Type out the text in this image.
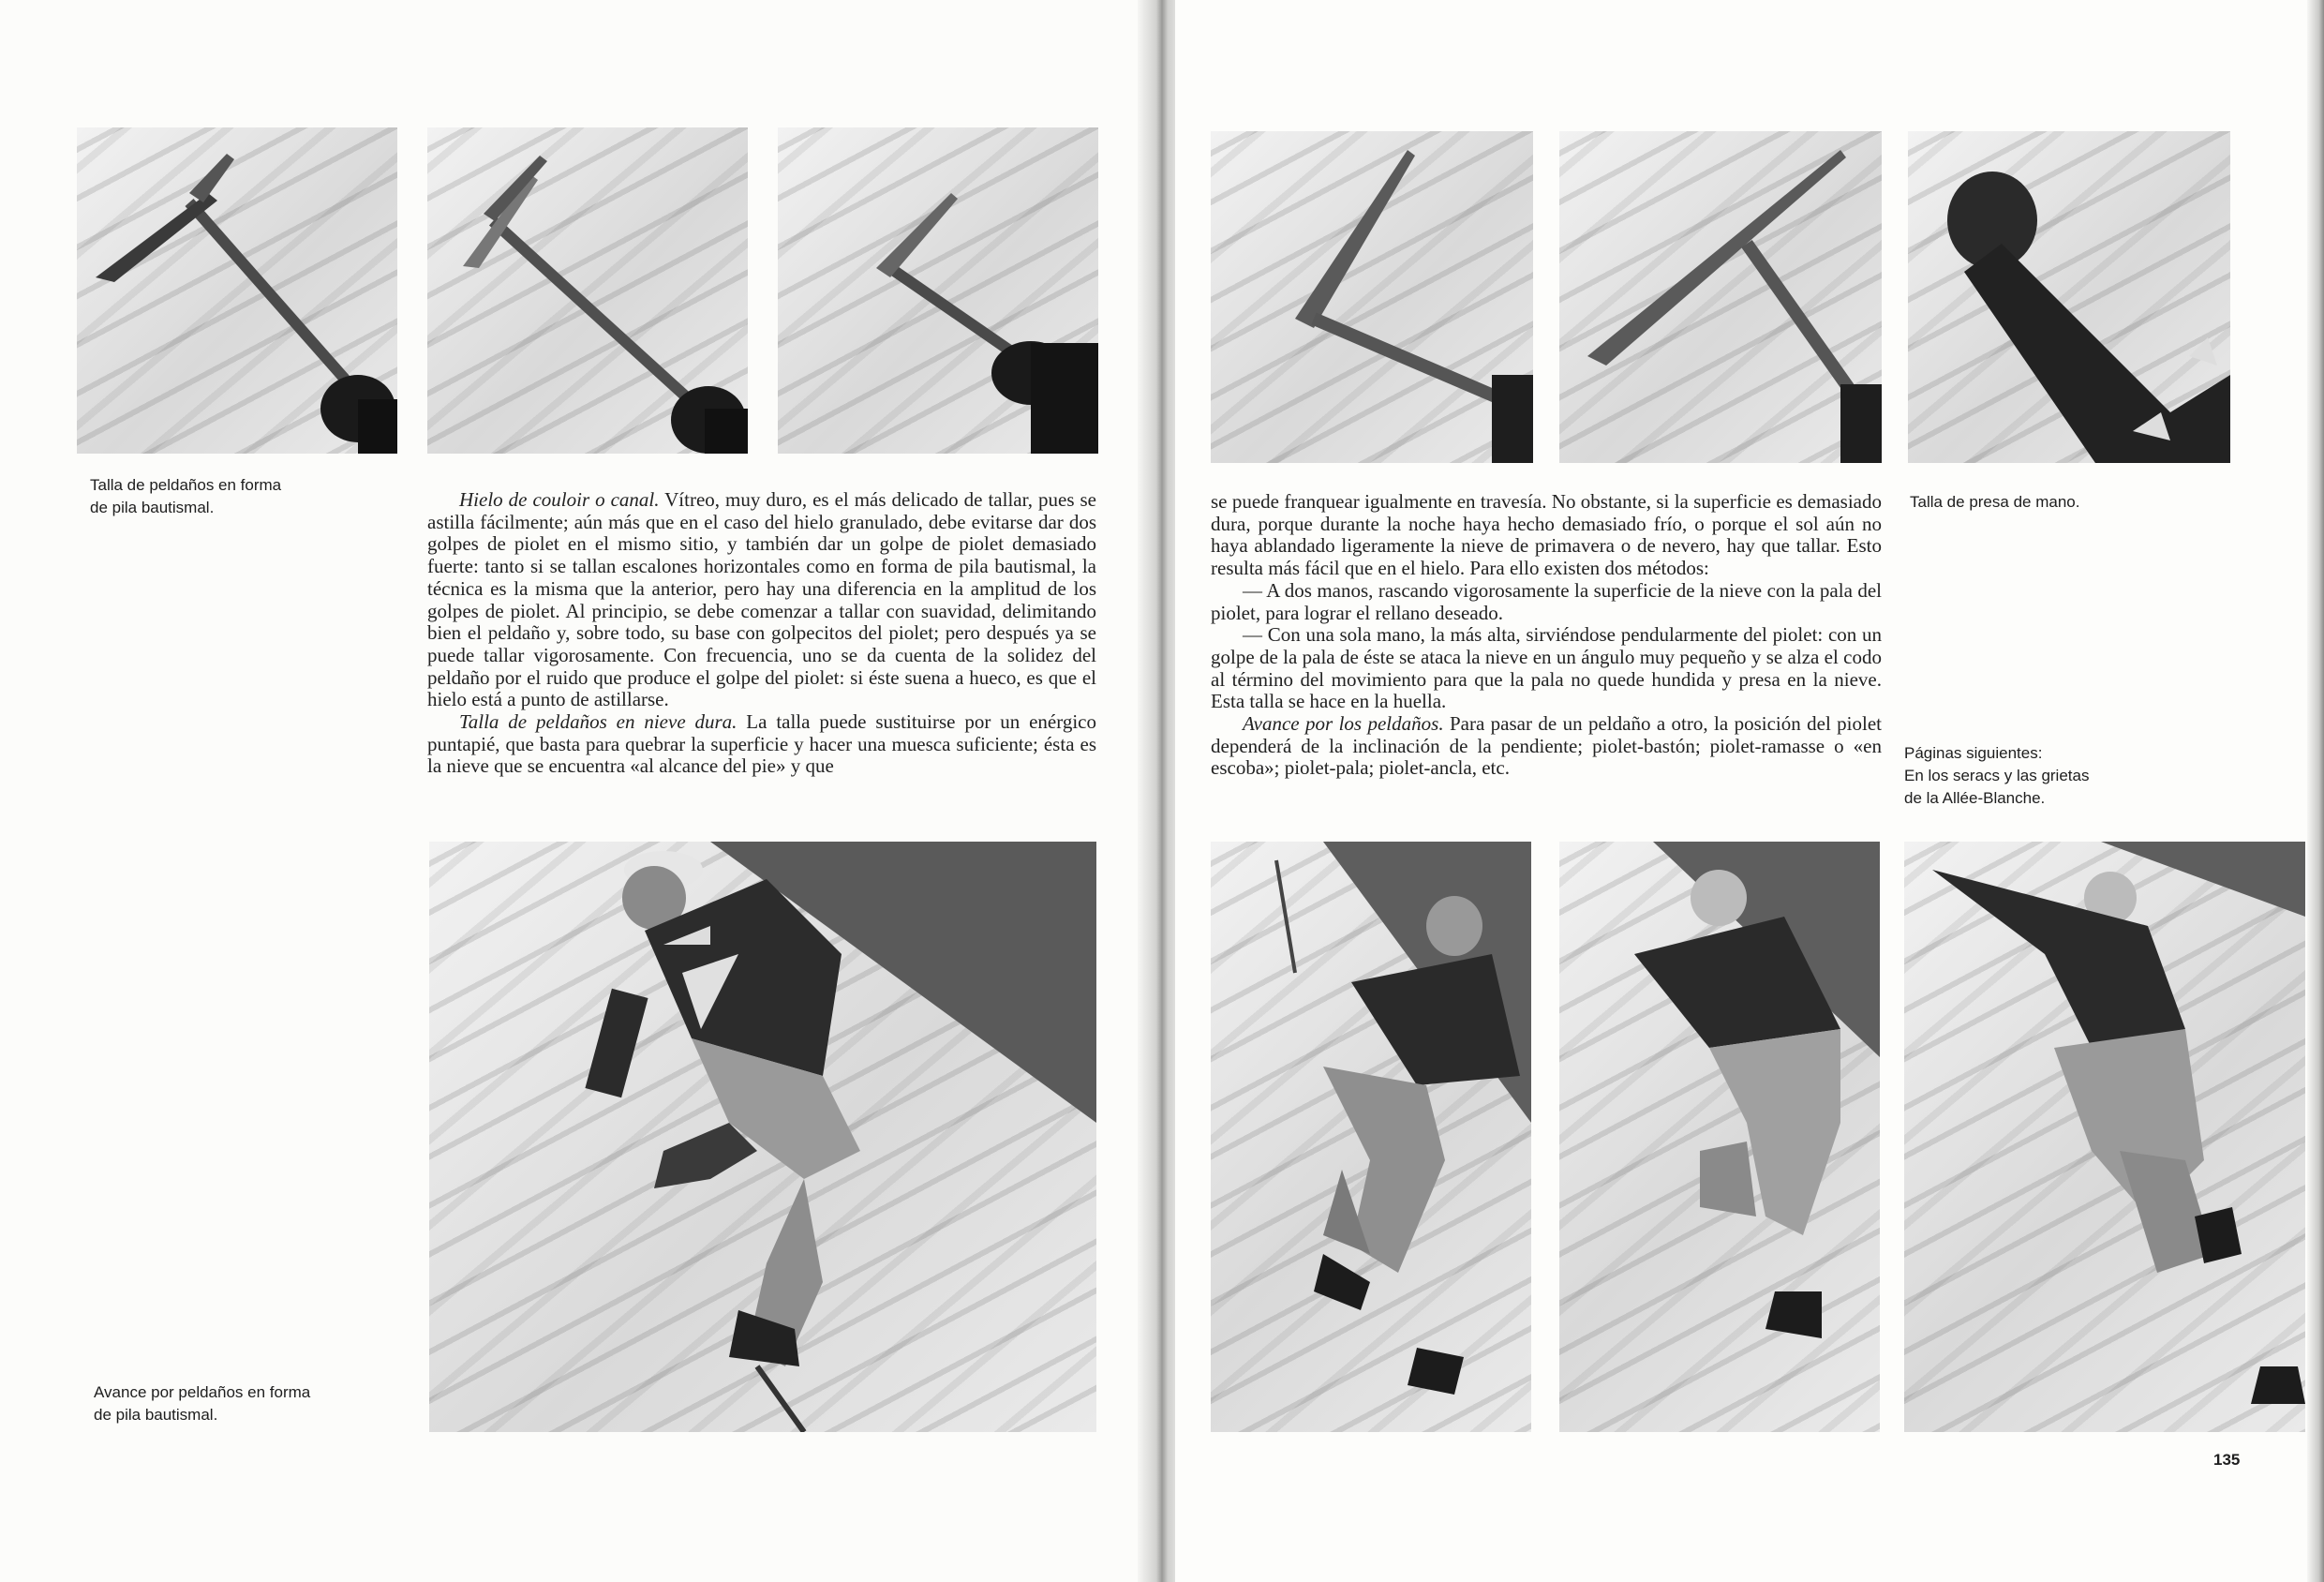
Talla de peldaños en forma
de pila bautismal.	Hielo de couloir o canal. Vítreo, muy duro, es el más delicado de tallar, pues se astilla fácilmente; aún más que en el caso del hielo granulado, debe evitarse dar dos golpes de piolet en el mismo sitio, y también dar un golpe de piolet demasiado fuerte: tanto si se tallan escalones horizontales como en forma de pila bautismal, la técnica es la misma que la anterior, pero hay una diferencia en la amplitud de los golpes de piolet. Al principio, se debe comenzar a tallar con suavidad, delimitando bien el peldaño y, sobre todo, su base con golpecitos del piolet; pero después ya se puede tallar vigorosamente. Con frecuencia, uno se da cuenta de la solidez del peldaño por el ruido que produce el golpe del piolet: si éste suena a hueco, es que el hielo está a punto de astillarse.

Talla de peldaños en nieve dura. La talla puede sustituirse por un enérgico puntapié, que basta para quebrar la superficie y hacer una muesca suficiente; ésta es la nieve que se encuentra «al alcance del pie» y que

Avance por peldaños en forma
de pila bautismal.
Talla de presa de mano.

se puede franquear igualmente en travesía. No obstante, si la superficie es demasiado dura, porque durante la noche haya hecho demasiado frío, o porque el sol aún no haya ablandado ligeramente la nieve de primavera o de nevero, hay que tallar. Esto resulta más fácil que en el hielo. Para ello existen dos métodos:

— A dos manos, rascando vigorosamente la superficie de la nieve con la pala del piolet, para lograr el rellano deseado.

— Con una sola mano, la más alta, sirviéndose pendularmente del piolet: con un golpe de la pala de éste se ataca la nieve en un ángulo muy pequeño y se alza el codo al término del movimiento para que la pala no quede hundida y presa en la nieve. Esta talla se hace en la huella.

Avance por los peldaños. Para pasar de un peldaño a otro, la posición del piolet dependerá de la inclinación de la pendiente; piolet-bastón; piolet-ramasse o «en escoba»; piolet-pala; piolet-ancla, etc.

Páginas siguientes:
En los seracs y las grietas
de la Allée-Blanche.
135
